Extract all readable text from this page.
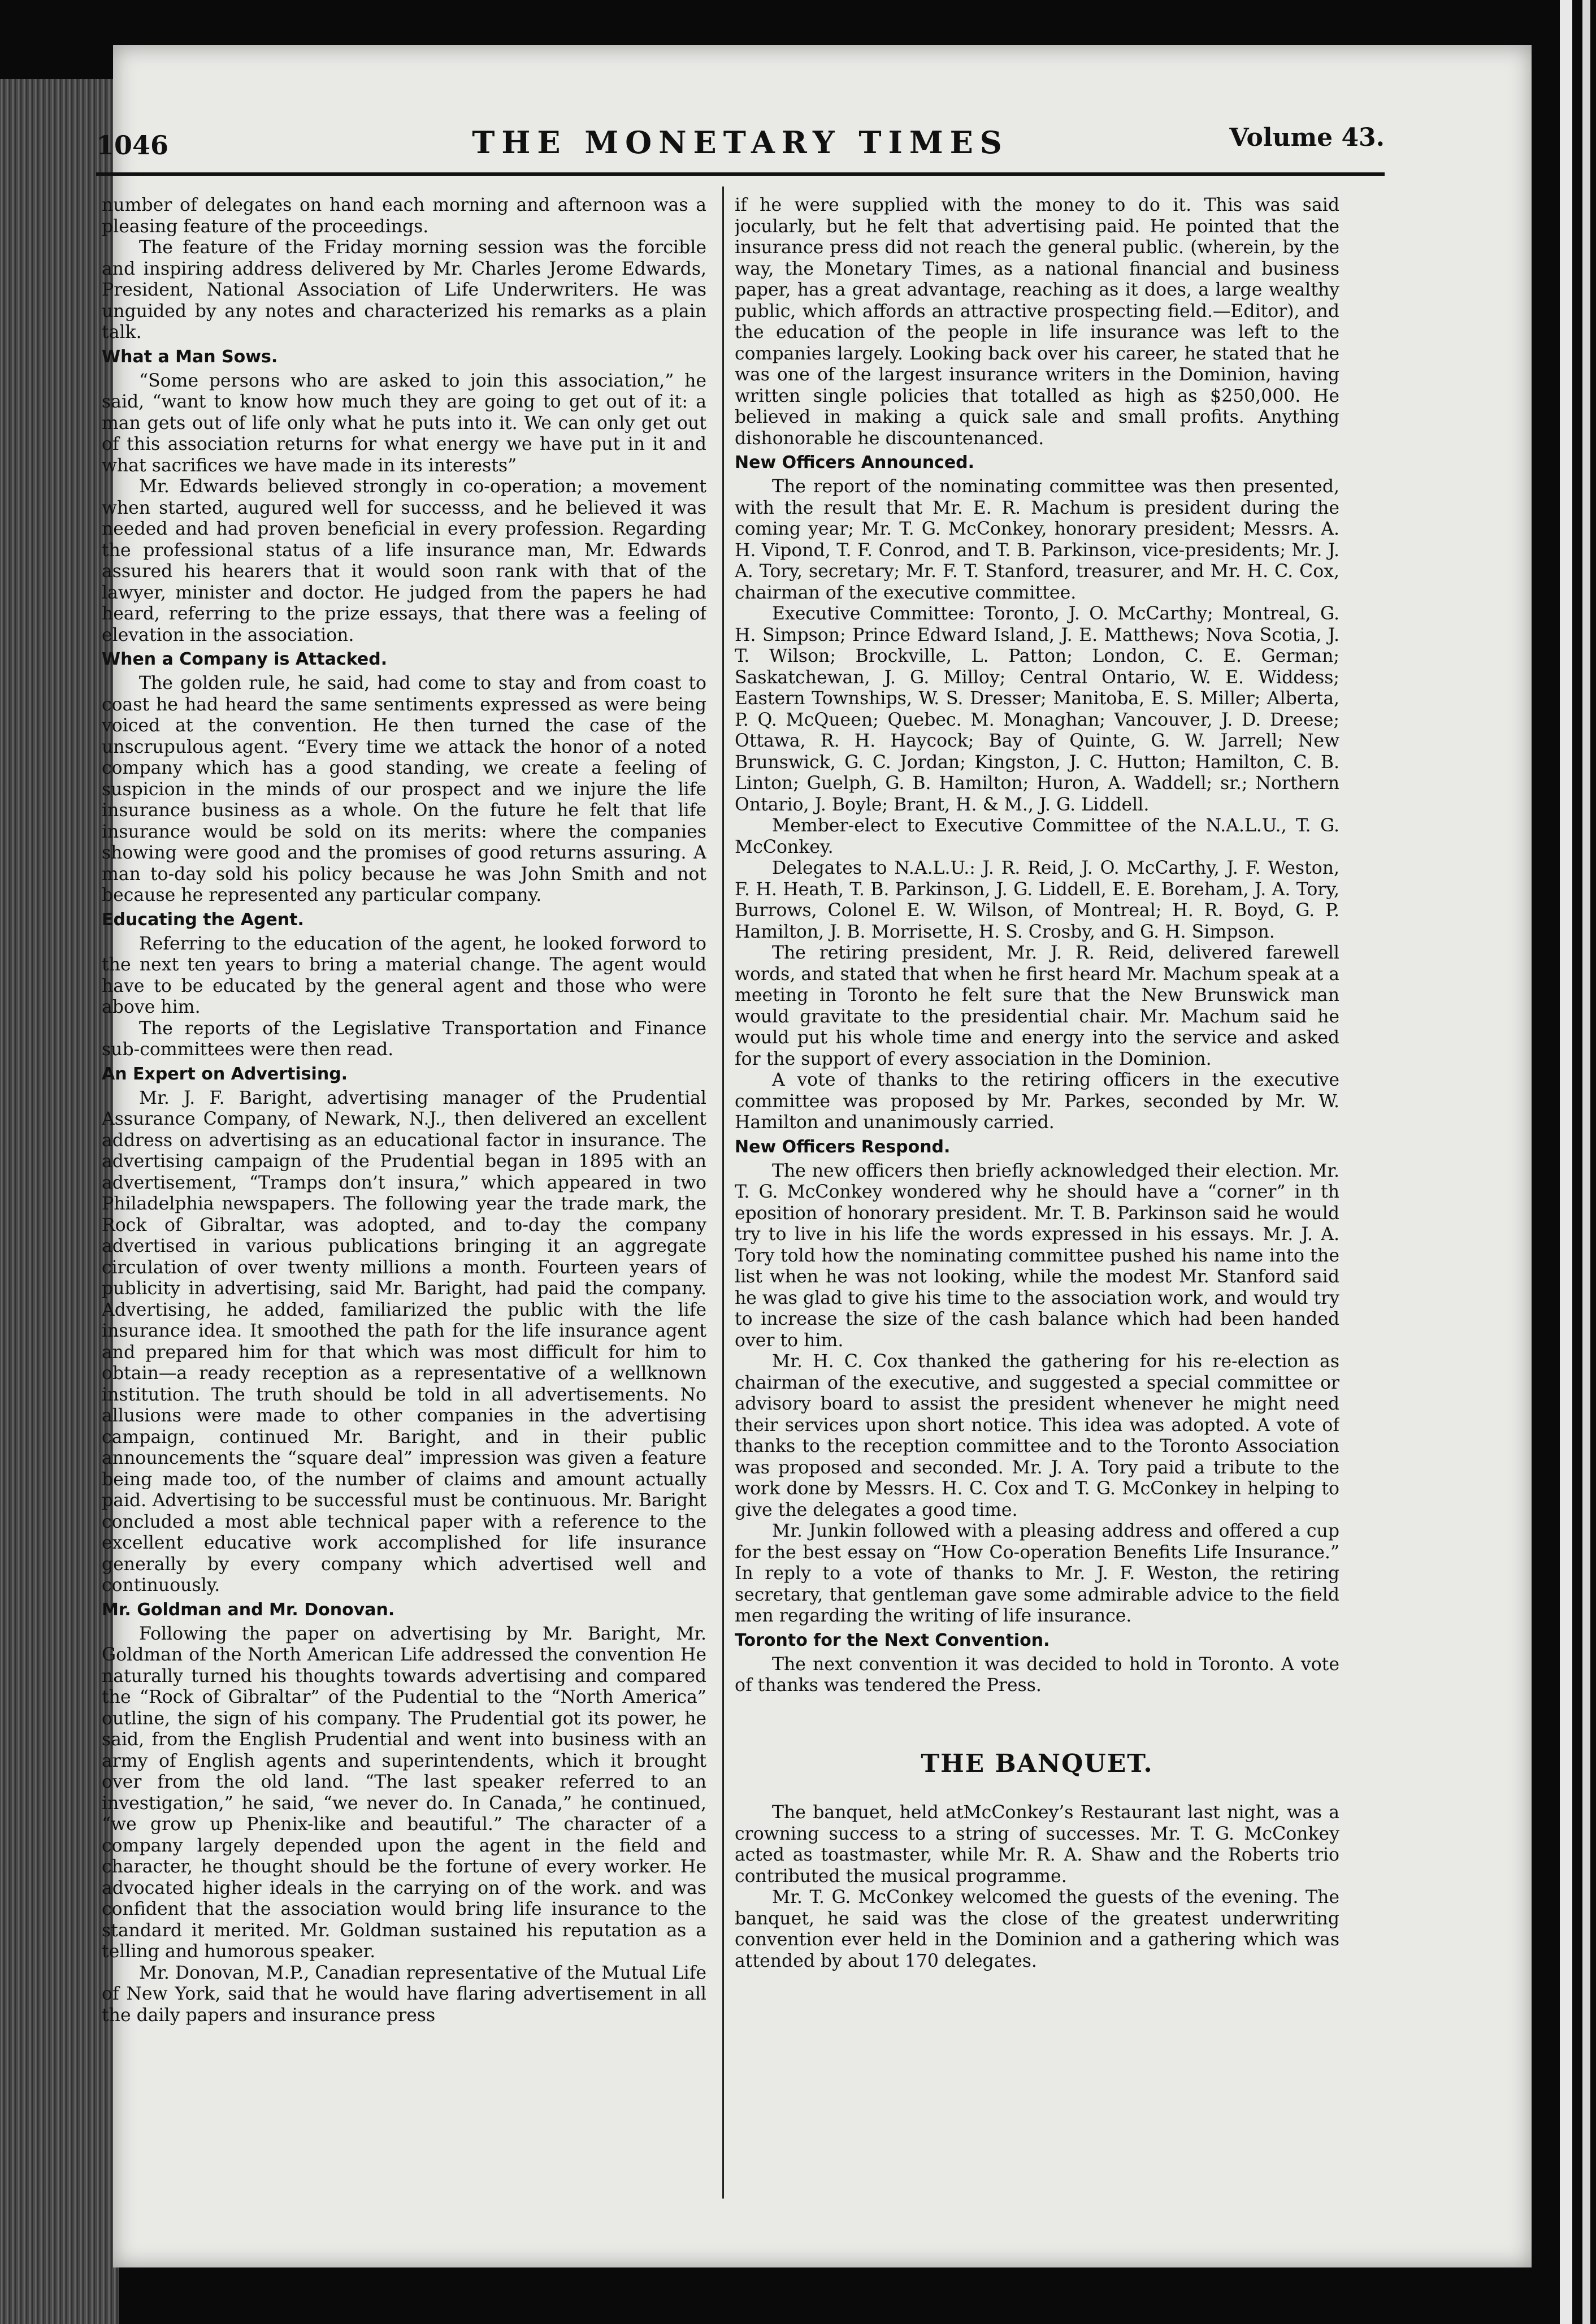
1046	THE MONETARY TIMES	Volume 43.

number of delegates on hand each morning and afternoon was a pleasing feature of the proceedings.

The feature of the Friday morning session was the forcible and inspiring address delivered by Mr. Charles Jerome Edwards, President, National Association of Life Underwriters. He was unguided by any notes and characterized his remarks as a plain talk.

What a Man Sows.

“Some persons who are asked to join this association,” he said, “want to know how much they are going to get out of it: a man gets out of life only what he puts into it. We can only get out of this association returns for what energy we have put in it and what sacrifices we have made in its interests”

Mr. Edwards believed strongly in co-operation; a movement when started, augured well for successs, and he believed it was needed and had proven beneficial in every profession. Regarding the professional status of a life insurance man, Mr. Edwards assured his hearers that it would soon rank with that of the lawyer, minister and doctor. He judged from the papers he had heard, referring to the prize essays, that there was a feeling of elevation in the association.

When a Company is Attacked.

The golden rule, he said, had come to stay and from coast to coast he had heard the same sentiments expressed as were being voiced at the convention. He then turned the case of the unscrupulous agent. “Every time we attack the honor of a noted company which has a good standing, we create a feeling of suspicion in the minds of our prospect and we injure the life insurance business as a whole. On the future he felt that life insurance would be sold on its merits: where the companies showing were good and the promises of good returns assuring. A man to-day sold his policy because he was John Smith and not because he represented any particular company.

Educating the Agent.

Referring to the education of the agent, he looked forword to the next ten years to bring a material change. The agent would have to be educated by the general agent and those who were above him.

The reports of the Legislative Transportation and Finance sub-committees were then read.

An Expert on Advertising.

Mr. J. F. Baright, advertising manager of the Prudential Assurance Company, of Newark, N.J., then delivered an excellent address on advertising as an educational factor in insurance. The advertising campaign of the Prudential began in 1895 with an advertisement, “Tramps don’t insura,” which appeared in two Philadelphia newspapers. The following year the trade mark, the Rock of Gibraltar, was adopted, and to-day the company advertised in various publications bringing it an aggregate circulation of over twenty millions a month. Fourteen years of publicity in advertising, said Mr. Baright, had paid the company. Advertising, he added, familiarized the public with the life insurance idea. It smoothed the path for the life insurance agent and prepared him for that which was most difficult for him to obtain—a ready reception as a representative of a wellknown institution. The truth should be told in all advertisements. No allusions were made to other companies in the advertising campaign, continued Mr. Baright, and in their public announcements the “square deal” impression was given a feature being made too, of the number of claims and amount actually paid. Advertising to be successful must be continuous. Mr. Baright concluded a most able technical paper with a reference to the excellent educative work accomplished for life insurance generally by every company which advertised well and continuously.

Mr. Goldman and Mr. Donovan.

Following the paper on advertising by Mr. Baright, Mr. Goldman of the North American Life addressed the convention He naturally turned his thoughts towards advertising and compared the “Rock of Gibraltar” of the Pudential to the “North America” outline, the sign of his company. The Prudential got its power, he said, from the English Prudential and went into business with an army of English agents and superintendents, which it brought over from the old land. “The last speaker referred to an investigation,” he said, “we never do. In Canada,” he continued, “we grow up Phenix-like and beautiful.” The character of a company largely depended upon the agent in the field and character, he thought should be the fortune of every worker. He advocated higher ideals in the carrying on of the work. and was confident that the association would bring life insurance to the standard it merited. Mr. Goldman sustained his reputation as a telling and humorous speaker.

Mr. Donovan, M.P., Canadian representative of the Mutual Life of New York, said that he would have flaring advertisement in all the daily papers and insurance press

if he were supplied with the money to do it. This was said jocularly, but he felt that advertising paid. He pointed that the insurance press did not reach the general public. (wherein, by the way, the Monetary Times, as a national financial and business paper, has a great advantage, reaching as it does, a large wealthy public, which affords an attractive prospecting field.—Editor), and the education of the people in life insurance was left to the companies largely. Looking back over his career, he stated that he was one of the largest insurance writers in the Dominion, having written single policies that totalled as high as $250,000. He believed in making a quick sale and small profits. Anything dishonorable he discountenanced.

New Officers Announced.

The report of the nominating committee was then presented, with the result that Mr. E. R. Machum is president during the coming year; Mr. T. G. McConkey, honorary president; Messrs. A. H. Vipond, T. F. Conrod, and T. B. Parkinson, vice-presidents; Mr. J. A. Tory, secretary; Mr. F. T. Stanford, treasurer, and Mr. H. C. Cox, chairman of the executive committee.

Executive Committee: Toronto, J. O. McCarthy; Montreal, G. H. Simpson; Prince Edward Island, J. E. Matthews; Nova Scotia, J. T. Wilson; Brockville, L. Patton; London, C. E. German; Saskatchewan, J. G. Milloy; Central Ontario, W. E. Widdess; Eastern Townships, W. S. Dresser; Manitoba, E. S. Miller; Alberta, P. Q. McQueen; Quebec. M. Monaghan; Vancouver, J. D. Dreese; Ottawa, R. H. Haycock; Bay of Quinte, G. W. Jarrell; New Brunswick, G. C. Jordan; Kingston, J. C. Hutton; Hamilton, C. B. Linton; Guelph, G. B. Hamilton; Huron, A. Waddell; sr.; Northern Ontario, J. Boyle; Brant, H. & M., J. G. Liddell.

Member-elect to Executive Committee of the N.A.L.U., T. G. McConkey.

Delegates to N.A.L.U.: J. R. Reid, J. O. McCarthy, J. F. Weston, F. H. Heath, T. B. Parkinson, J. G. Liddell, E. E. Boreham, J. A. Tory, Burrows, Colonel E. W. Wilson, of Montreal; H. R. Boyd, G. P. Hamilton, J. B. Morrisette, H. S. Crosby, and G. H. Simpson.

The retiring president, Mr. J. R. Reid, delivered farewell words, and stated that when he first heard Mr. Machum speak at a meeting in Toronto he felt sure that the New Brunswick man would gravitate to the presidential chair. Mr. Machum said he would put his whole time and energy into the service and asked for the support of every association in the Dominion.

A vote of thanks to the retiring officers in the executive committee was proposed by Mr. Parkes, seconded by Mr. W. Hamilton and unanimously carried.

New Officers Respond.

The new officers then briefly acknowledged their election. Mr. T. G. McConkey wondered why he should have a “corner” in th eposition of honorary president. Mr. T. B. Parkinson said he would try to live in his life the words expressed in his essays. Mr. J. A. Tory told how the nominating committee pushed his name into the list when he was not looking, while the modest Mr. Stanford said he was glad to give his time to the association work, and would try to increase the size of the cash balance which had been handed over to him.

Mr. H. C. Cox thanked the gathering for his re-election as chairman of the executive, and suggested a special committee or advisory board to assist the president whenever he might need their services upon short notice. This idea was adopted. A vote of thanks to the reception committee and to the Toronto Association was proposed and seconded. Mr. J. A. Tory paid a tribute to the work done by Messrs. H. C. Cox and T. G. McConkey in helping to give the delegates a good time.

Mr. Junkin followed with a pleasing address and offered a cup for the best essay on “How Co-operation Benefits Life Insurance.” In reply to a vote of thanks to Mr. J. F. Weston, the retiring secretary, that gentleman gave some admirable advice to the field men regarding the writing of life insurance.

Toronto for the Next Convention.

The next convention it was decided to hold in Toronto. A vote of thanks was tendered the Press.

THE BANQUET.

The banquet, held atMcConkey’s Restaurant last night, was a crowning success to a string of successes. Mr. T. G. McConkey acted as toastmaster, while Mr. R. A. Shaw and the Roberts trio contributed the musical programme.

Mr. T. G. McConkey welcomed the guests of the evening. The banquet, he said was the close of the greatest underwriting convention ever held in the Dominion and a gathering which was attended by about 170 delegates.
